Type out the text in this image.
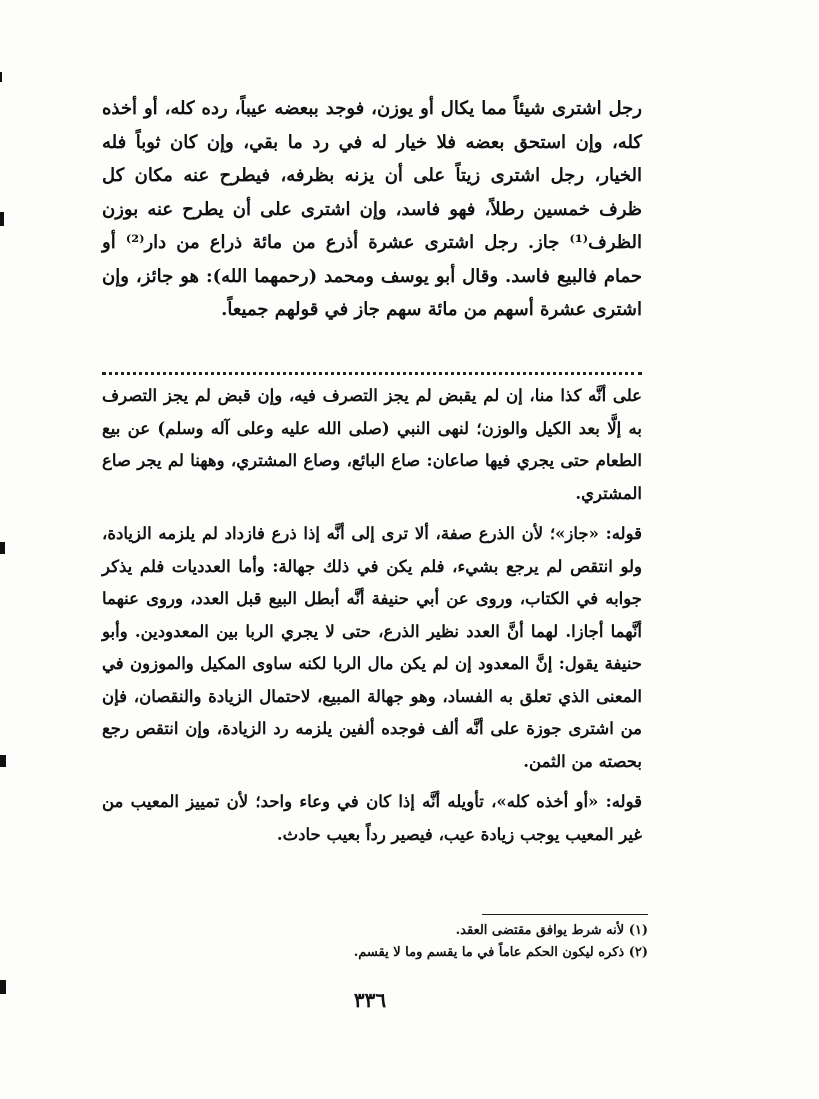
رجل اشترى شيئاً مما يكال أو يوزن، فوجد ببعضه عيباً، رده كله، أو أخذه كله، وإن استحق بعضه فلا خيار له في رد ما بقي، وإن كان ثوباً فله الخيار، رجل اشترى زيتاً على أن يزنه بظرفه، فيطرح عنه مكان كل ظرف خمسين رطلاً، فهو فاسد، وإن اشترى على أن يطرح عنه بوزن الظرف⁽¹⁾ جاز. رجل اشترى عشرة أذرع من مائة ذراع من دار⁽²⁾ أو حمام فالبيع فاسد. وقال أبو يوسف ومحمد (رحمهما الله): هو جائز، وإن اشترى عشرة أسهم من مائة سهم جاز في قولهم جميعاً.

على أنَّه كذا منا، إن لم يقبض لم يجز التصرف فيه، وإن قبض لم يجز التصرف به إلَّا بعد الكيل والوزن؛ لنهى النبي (صلى الله عليه وعلى آله وسلم) عن بيع الطعام حتى يجري فيها صاعان: صاع البائع، وصاع المشتري، وههنا لم يجر صاع المشتري.

قوله: «جاز»؛ لأن الذرع صفة، ألا ترى إلى أنَّه إذا ذرع فازداد لم يلزمه الزيادة، ولو انتقص لم يرجع بشيء، فلم يكن في ذلك جهالة: وأما العدديات فلم يذكر جوابه في الكتاب، وروى عن أبي حنيفة أنَّه أبطل البيع قبل العدد، وروى عنهما أنَّهما أجازا. لهما أنَّ العدد نظير الذرع، حتى لا يجري الربا بين المعدودين. وأبو حنيفة يقول: إنَّ المعدود إن لم يكن مال الربا لكنه ساوى المكيل والموزون في المعنى الذي تعلق به الفساد، وهو جهالة المبيع، لاحتمال الزيادة والنقصان، فإن من اشترى جوزة على أنَّه ألف فوجده ألفين يلزمه رد الزيادة، وإن انتقص رجع بحصته من الثمن.

قوله: «أو أخذه كله»، تأويله أنَّه إذا كان في وعاء واحد؛ لأن تمييز المعيب من غير المعيب يوجب زيادة عيب، فيصير رداً بعيب حادث.

(١) لأنه شرط يوافق مقتضى العقد.
(٢) ذكره ليكون الحكم عاماً في ما يقسم وما لا يقسم.
٣٣٦
